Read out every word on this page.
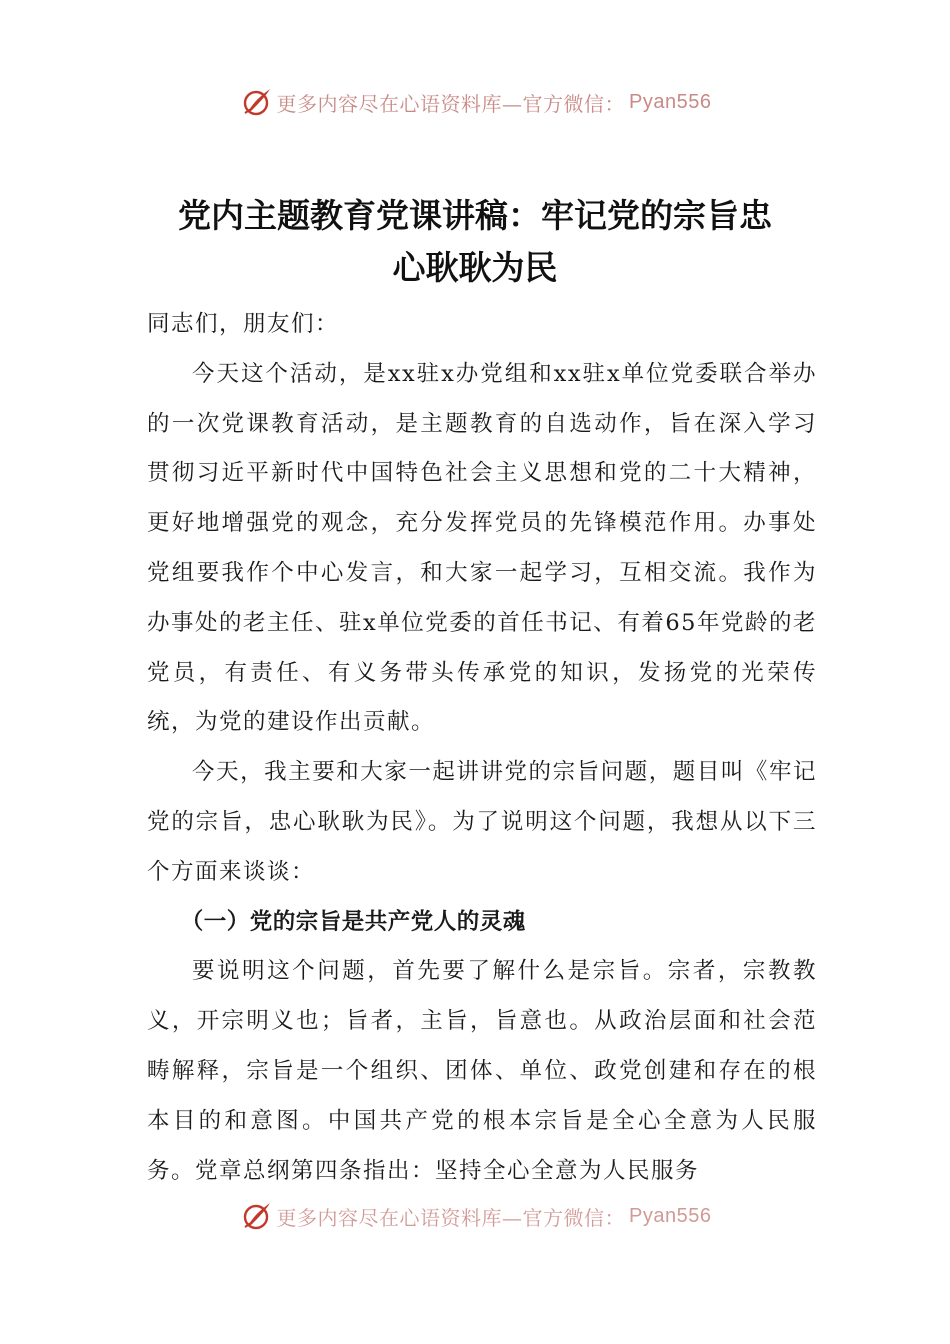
更多内容尽在心语资料库—官方微信： Pyan556
党内主题教育党课讲稿：牢记党的宗旨忠
心耿耿为民

同志们，朋友们：

今天这个活动，是xx驻x办党组和xx驻x单位党委联合举办的一次党课教育活动，是主题教育的自选动作，旨在深入学习贯彻习近平新时代中国特色社会主义思想和党的二十大精神，更好地增强党的观念，充分发挥党员的先锋模范作用。办事处党组要我作个中心发言，和大家一起学习，互相交流。我作为办事处的老主任、驻x单位党委的首任书记、有着65年党龄的老党员，有责任、有义务带头传承党的知识，发扬党的光荣传统，为党的建设作出贡献。

今天，我主要和大家一起讲讲党的宗旨问题，题目叫《牢记党的宗旨，忠心耿耿为民》。为了说明这个问题，我想从以下三个方面来谈谈：

（一）党的宗旨是共产党人的灵魂

要说明这个问题，首先要了解什么是宗旨。宗者，宗教教义，开宗明义也；旨者，主旨，旨意也。从政治层面和社会范畴解释，宗旨是一个组织、团体、单位、政党创建和存在的根本目的和意图。中国共产党的根本宗旨是全心全意为人民服务。党章总纲第四条指出：坚持全心全意为人民服务

更多内容尽在心语资料库—官方微信： Pyan556
